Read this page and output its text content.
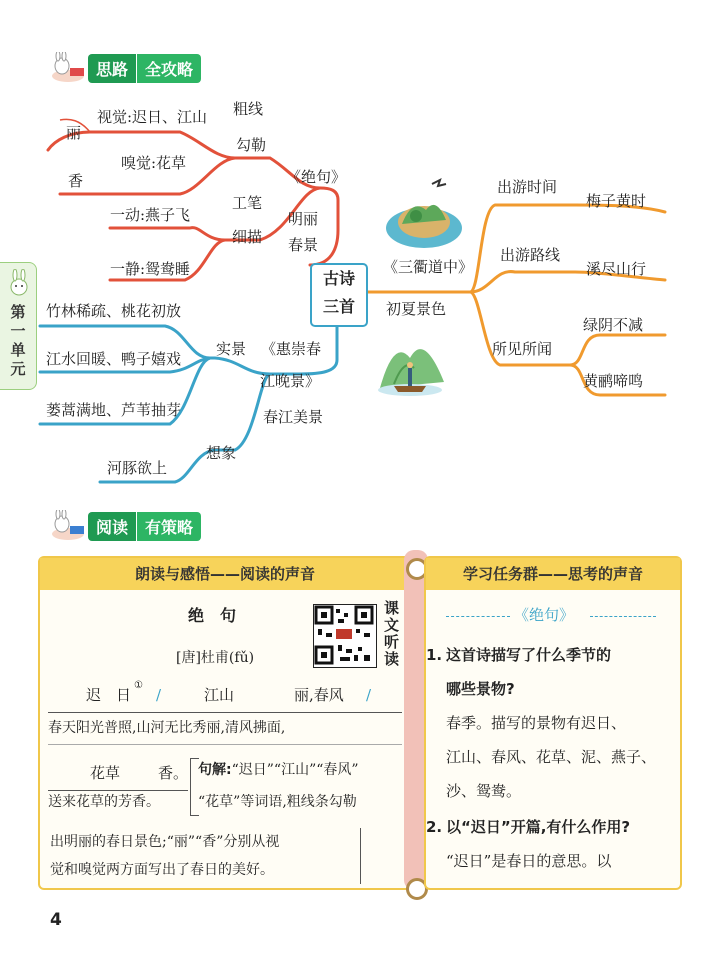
思路	全攻略
第一单元
古诗
三首
《绝句》
明丽
春景
粗线
勾勒
工笔
细描
丽
视觉:迟日、江山
香
嗅觉:花草
一动:燕子飞
一静:鸳鸯睡	《三衢道中》
初夏景色
出游时间
梅子黄时
出游路线
溪尽山行
所见所闻
绿阴不减
黄鹂啼鸣
《惠崇春
江晚景》
春江美景
实景
想象
竹林稀疏、桃花初放
江水回暖、鸭子嬉戏
蒌蒿满地、芦苇抽芽
河豚欲上
阅读	有策略
朗读与感悟——阅读的声音
绝　句
[唐]杜甫(fǔ)
课文听读
迟　日
①
/	江山	丽,春风 /
春天阳光普照,山河无比秀丽,清风拂面,
花草	香。
送来花草的芳香。
句解:“迟日”“江山”“春风”
“花草”等词语,粗线条勾勒
出明丽的春日景色;“丽”“香”分别从视
觉和嗅觉两方面写出了春日的美好。
学习任务群——思考的声音
《绝句》
1. 这首诗描写了什么季节的
哪些景物?
春季。描写的景物有迟日、
江山、春风、花草、泥、燕子、
沙、鸳鸯。
2. 以“迟日”开篇,有什么作用?
“迟日”是春日的意思。以
4
